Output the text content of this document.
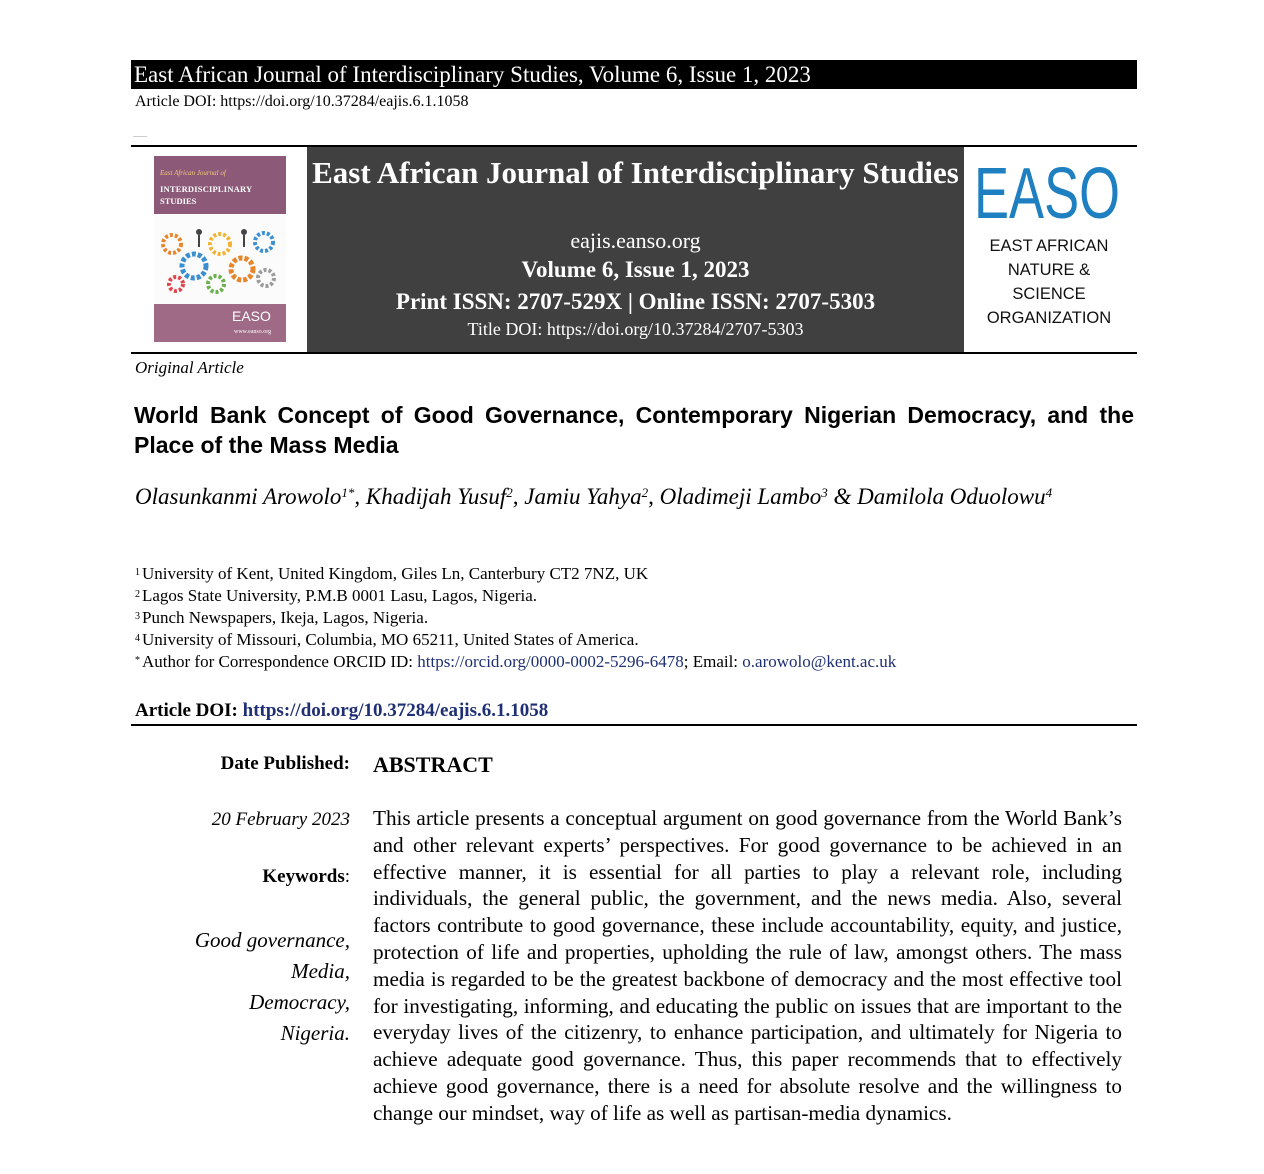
East African Journal of Interdisciplinary Studies, Volume 6, Issue 1, 2023
Article DOI: https://doi.org/10.37284/eajis.6.1.1058
────
East African Journal of
INTERDISCIPLINARY
STUDIES
EASO
www.eanso.org
East African Journal of Interdisciplinary Studies
eajis.eanso.org
Volume 6, Issue 1, 2023
Print ISSN: 2707-529X | Online ISSN: 2707-5303
Title DOI: https://doi.org/10.37284/2707-5303
EASO
EAST AFRICAN
NATURE &
SCIENCE
ORGANIZATION
Original Article
World Bank Concept of Good Governance, Contemporary Nigerian Democracy, and the Place of the Mass Media
Olasunkanmi Arowolo$^{1*}$, Khadijah Yusuf$^2$, Jamiu Yahya$^2$, Oladimeji Lambo$^3$ & Damilola Oduolowu$^4$
$^1$ University of Kent, United Kingdom, Giles Ln, Canterbury CT2 7NZ, UK
$^2$ Lagos State University, P.M.B 0001 Lasu, Lagos, Nigeria.
$^3$ Punch Newspapers, Ikeja, Lagos, Nigeria.
$^4$ University of Missouri, Columbia, MO 65211, United States of America.
* Author for Correspondence ORCID ID: https://orcid.org/0000-0002-5296-6478; Email: o.arowolo@kent.ac.uk
Article DOI: https://doi.org/10.37284/eajis.6.1.1058
Date Published:
20 February 2023
Keywords:
Good governance,
Media,
Democracy,
Nigeria.
ABSTRACT
This article presents a conceptual argument on good governance from the World Bank’s and other relevant experts’ perspectives. For good governance to be achieved in an effective manner, it is essential for all parties to play a relevant role, including individuals, the general public, the government, and the news media. Also, several factors contribute to good governance, these include accountability, equity, and justice, protection of life and properties, upholding the rule of law, amongst others. The mass media is regarded to be the greatest backbone of democracy and the most effective tool for investigating, informing, and educating the public on issues that are important to the everyday lives of the citizenry, to enhance participation, and ultimately for Nigeria to achieve adequate good governance. Thus, this paper recommends that to effectively achieve good governance, there is a need for absolute resolve and the willingness to change our mindset, way of life as well as partisan-media dynamics.
